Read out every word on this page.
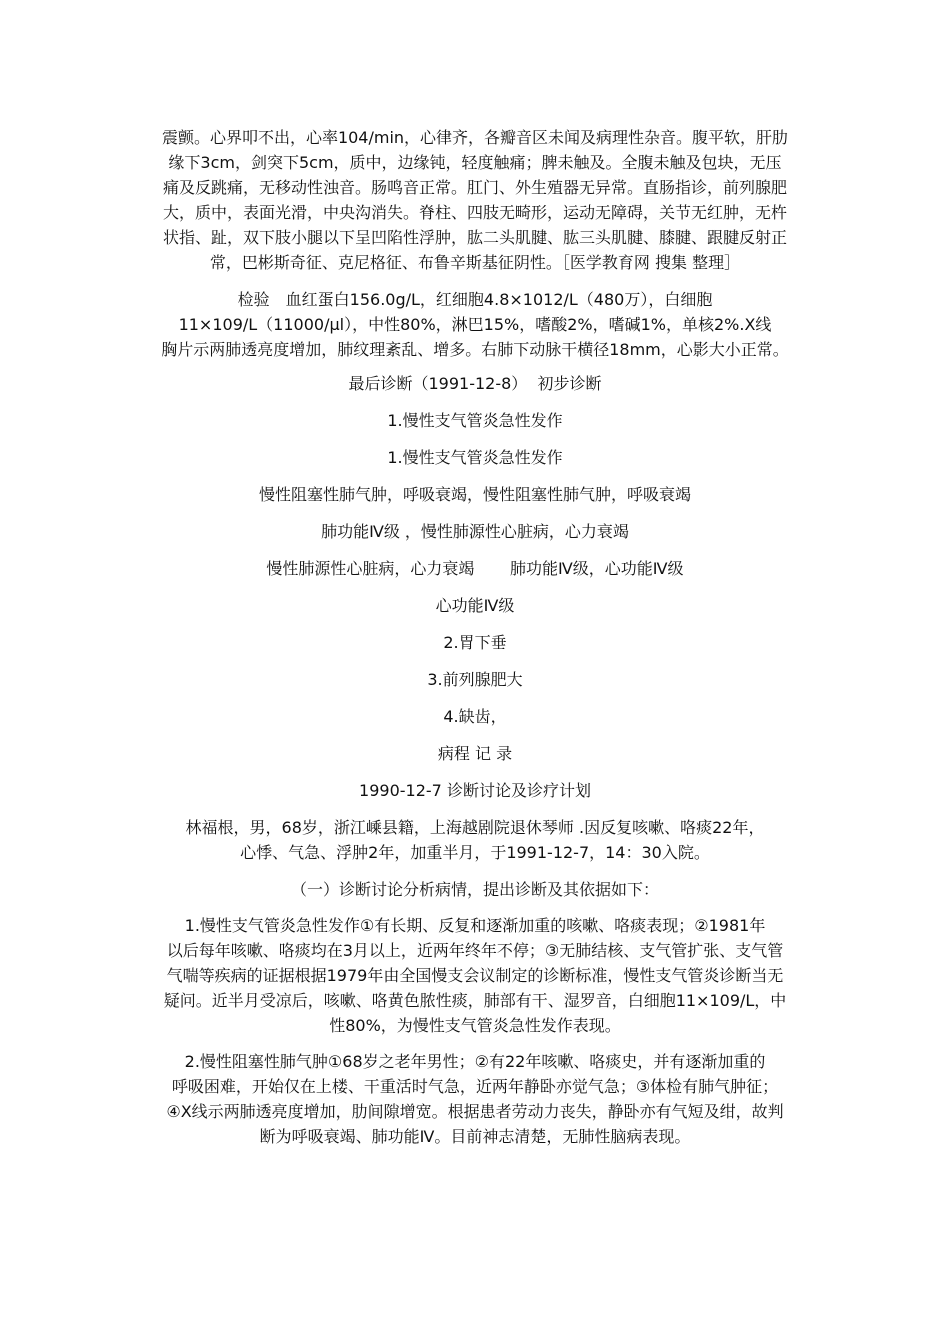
震颤。心界叩不出，心率104/min，心律齐，各瓣音区未闻及病理性杂音。腹平软，肝肋
缘下3cm，剑突下5cm，质中，边缘钝，轻度触痛；脾未触及。全腹未触及包块，无压
痛及反跳痛，无移动性浊音。肠鸣音正常。肛门、外生殖器无异常。直肠指诊，前列腺肥
大，质中，表面光滑，中央沟消失。脊柱、四肢无畸形，运动无障碍，关节无红肿，无杵
状指、趾，双下肢小腿以下呈凹陷性浮肿，肱二头肌腱、肱三头肌腱、膝腱、跟腱反射正
常，巴彬斯奇征、克尼格征、布鲁辛斯基征阴性。［医学教育网 搜集 整理］
检验　血红蛋白156.0g/L，红细胞4.8×1012/L（480万），白细胞
11×109/L（11000/μl），中性80%，淋巴15%，嗜酸2%，嗜碱1%，单核2%.X线
胸片示两肺透亮度增加，肺纹理紊乱、增多。右肺下动脉干横径18mm，心影大小正常。
最后诊断（1991-12-8）  初步诊断
1.慢性支气管炎急性发作
1.慢性支气管炎急性发作
慢性阻塞性肺气肿，呼吸衰竭，慢性阻塞性肺气肿，呼吸衰竭
肺功能Ⅳ级 ，慢性肺源性心脏病，心力衰竭
慢性肺源性心脏病，心力衰竭       肺功能Ⅳ级，心功能Ⅳ级
心功能Ⅳ级
2.胃下垂
3.前列腺肥大
4.缺齿，
病程 记 录
1990-12-7 诊断讨论及诊疗计划
林福根，男，68岁，浙江嵊县籍，上海越剧院退休琴师 .因反复咳嗽、咯痰22年，
心悸、气急、浮肿2年，加重半月，于1991-12-7，14：30入院。
（一）诊断讨论分析病情，提出诊断及其依据如下：
1.慢性支气管炎急性发作①有长期、反复和逐渐加重的咳嗽、咯痰表现；②1981年
以后每年咳嗽、咯痰均在3月以上，近两年终年不停；③无肺结核、支气管扩张、支气管
气喘等疾病的证据根据1979年由全国慢支会议制定的诊断标准，慢性支气管炎诊断当无
疑问。近半月受凉后，咳嗽、咯黄色脓性痰，肺部有干、湿罗音，白细胞11×109/L，中
性80%，为慢性支气管炎急性发作表现。
2.慢性阻塞性肺气肿①68岁之老年男性；②有22年咳嗽、咯痰史，并有逐渐加重的
呼吸困难，开始仅在上楼、干重活时气急，近两年静卧亦觉气急；③体检有肺气肿征；
④X线示两肺透亮度增加，肋间隙增宽。根据患者劳动力丧失，静卧亦有气短及绀，故判
断为呼吸衰竭、肺功能Ⅳ。目前神志清楚，无肺性脑病表现。
